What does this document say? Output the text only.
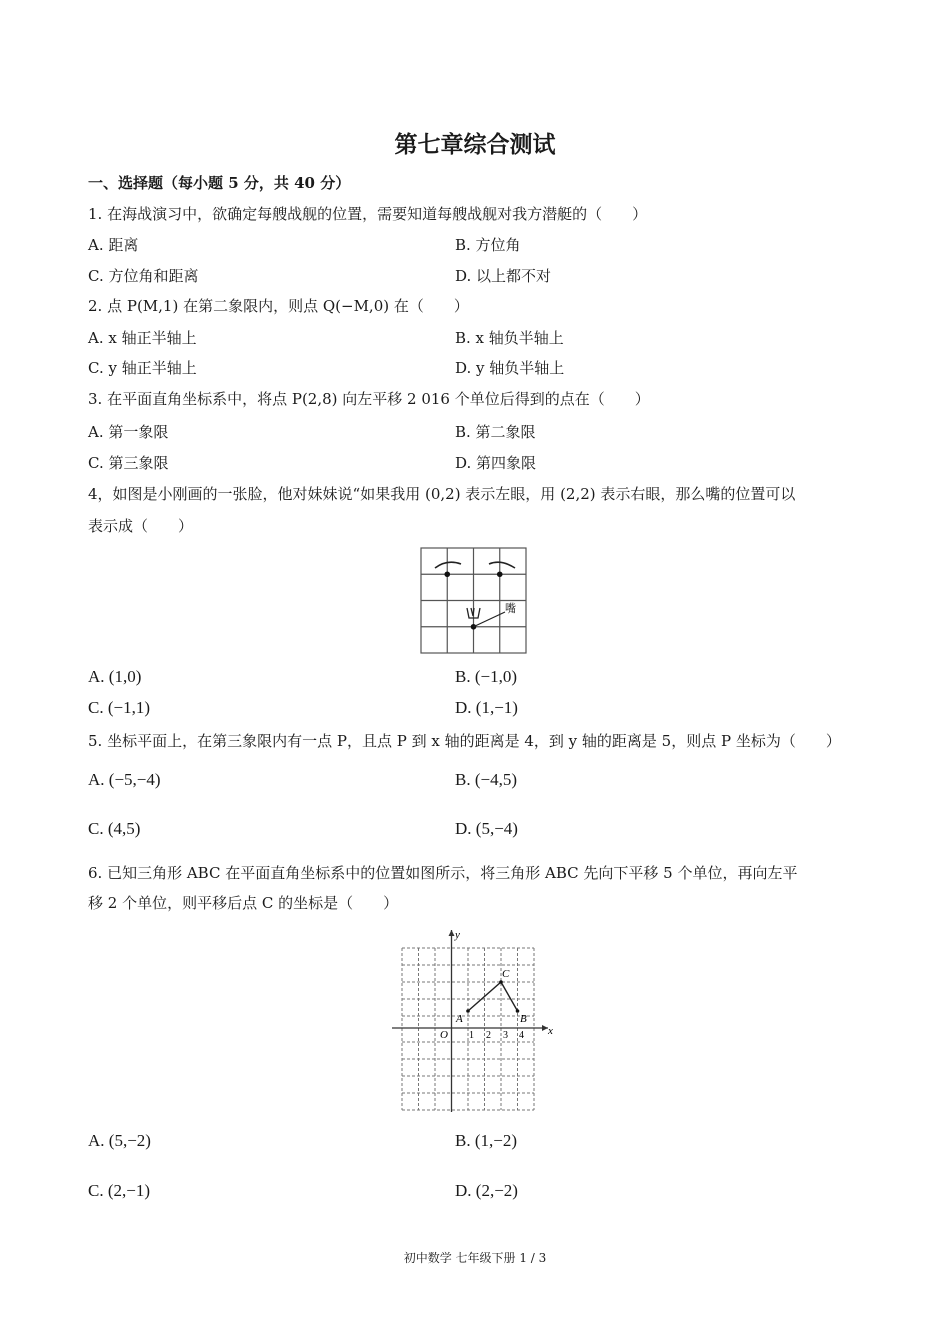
第七章综合测试
一、选择题（每小题 5 分，共 40 分）
1. 在海战演习中，欲确定每艘战舰的位置，需要知道每艘战舰对我方潜艇的（　　）
A. 距离	B. 方位角
C. 方位角和距离	D. 以上都不对
2. 点 P(M,1) 在第二象限内，则点 Q(−M,0) 在（　　）
A. x 轴正半轴上	B. x 轴负半轴上
C. y 轴正半轴上	D. y 轴负半轴上
3. 在平面直角坐标系中，将点 P(2,8) 向左平移 2 016 个单位后得到的点在（　　）
A. 第一象限	B. 第二象限
C. 第三象限	D. 第四象限
4，如图是小刚画的一张脸，他对妹妹说“如果我用 (0,2) 表示左眼，用 (2,2) 表示右眼，那么嘴的位置可以
表示成（　　）
嘴
A. (1,0)	B. (−1,0)
C. (−1,1)	D. (1,−1)
5. 坐标平面上，在第三象限内有一点 P，且点 P 到 x 轴的距离是 4，到 y 轴的距离是 5，则点 P 坐标为（　　）
A. (−5,−4)	B. (−4,5)
C. (4,5)	D. (5,−4)
6. 已知三角形 ABC 在平面直角坐标系中的位置如图所示，将三角形 ABC 先向下平移 5 个单位，再向左平
移 2 个单位，则平移后点 C 的坐标是（　　）
x
y
O 1 2 3 4
A	B
C
A. (5,−2)	B. (1,−2)
C. (2,−1)	D. (2,−2)
初中数学 七年级下册 1 / 3
